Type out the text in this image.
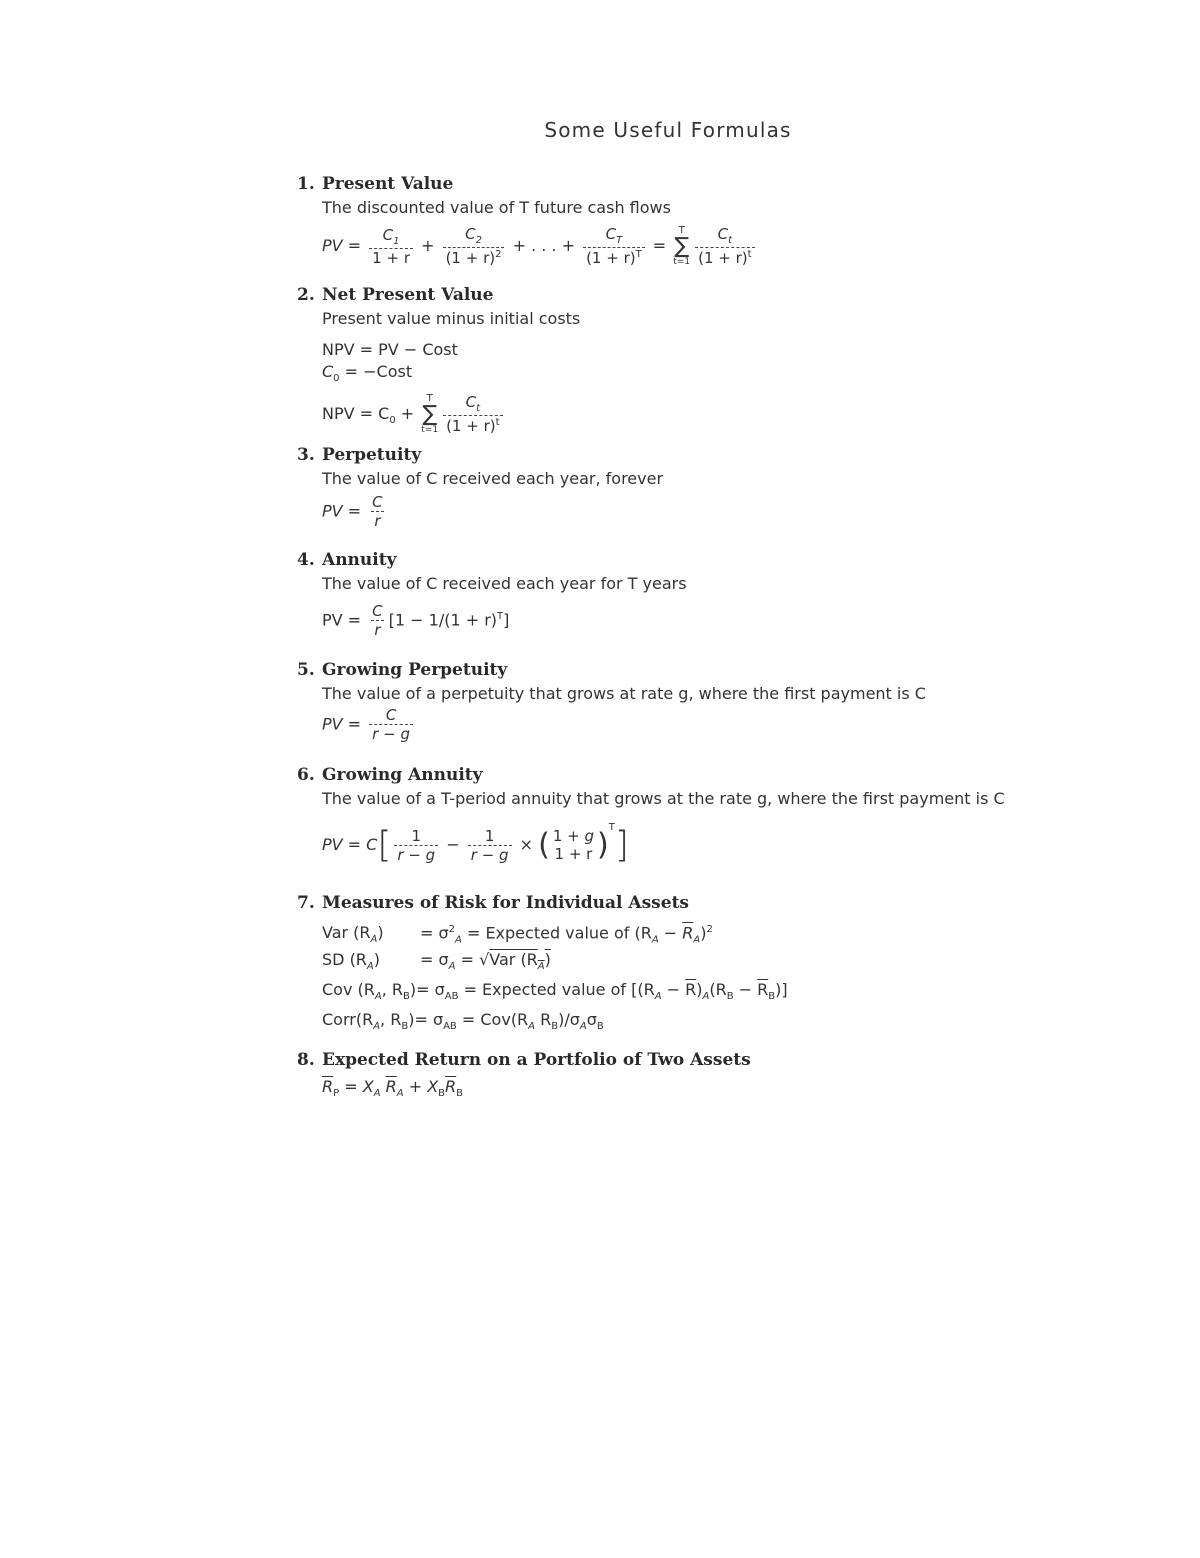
Some Useful Formulas
1. Present Value
The discounted value of T future cash flows
PV = $\frac{C_1}{1 + r} + \frac{C_2}{(1 + r)^2}$ + . . . + $\frac{C_T}{(1 + r)^T}$ =
T
∑
$t=1 \frac{C_t}{(1 + r)^t}$
2. Net Present Value
Present value minus initial costs
NPV = PV − Cost
$C_0$ = −Cost
NPV = $C_0$ +
T
∑
$t=1 \frac{C_t}{(1 + r)^t}$
3. Perpetuity
The value of C received each year, forever
PV = $\frac{C}{r}$
4. Annuity
The value of C received each year for T years
PV = $\frac{C}{r} [1 - 1/(1 + r)^T]$
5. Growing Perpetuity
The value of a perpetuity that grows at rate g, where the first payment is C
PV = $\frac{C}{r - g}$
6. Growing Annuity
The value of a T-period annuity that grows at the rate g, where the first payment is C
PV = $C[ \frac{1}{r - g} - \frac{1}{r - g}$ × ( 1 + g
1 + r )$^T$]
7. Measures of Risk for Individual Assets
Var $(R_A) = \sigma^2_A$ = Expected value of $(R_A - \overline{R}_A)^2$
SD $(R_A) = \sigma_A = √Var$ $(R_A)$
Cov ($R_A$, $R_B)= \sigma_{AB}$ = Expected value of $[(R_A - \overline{R})_A(R_B - \overline{R}_B)]$
$Corr(R_A$, $R_B)= \sigma_{AB} = Cov(R_A$ $R_B)/\sigma_A\sigma_B$
8. Expected Return on a Portfolio of Two Assets
$\overline{R}_P = X_A$ $\overline{R}_A + X_B\overline{R}_B$
